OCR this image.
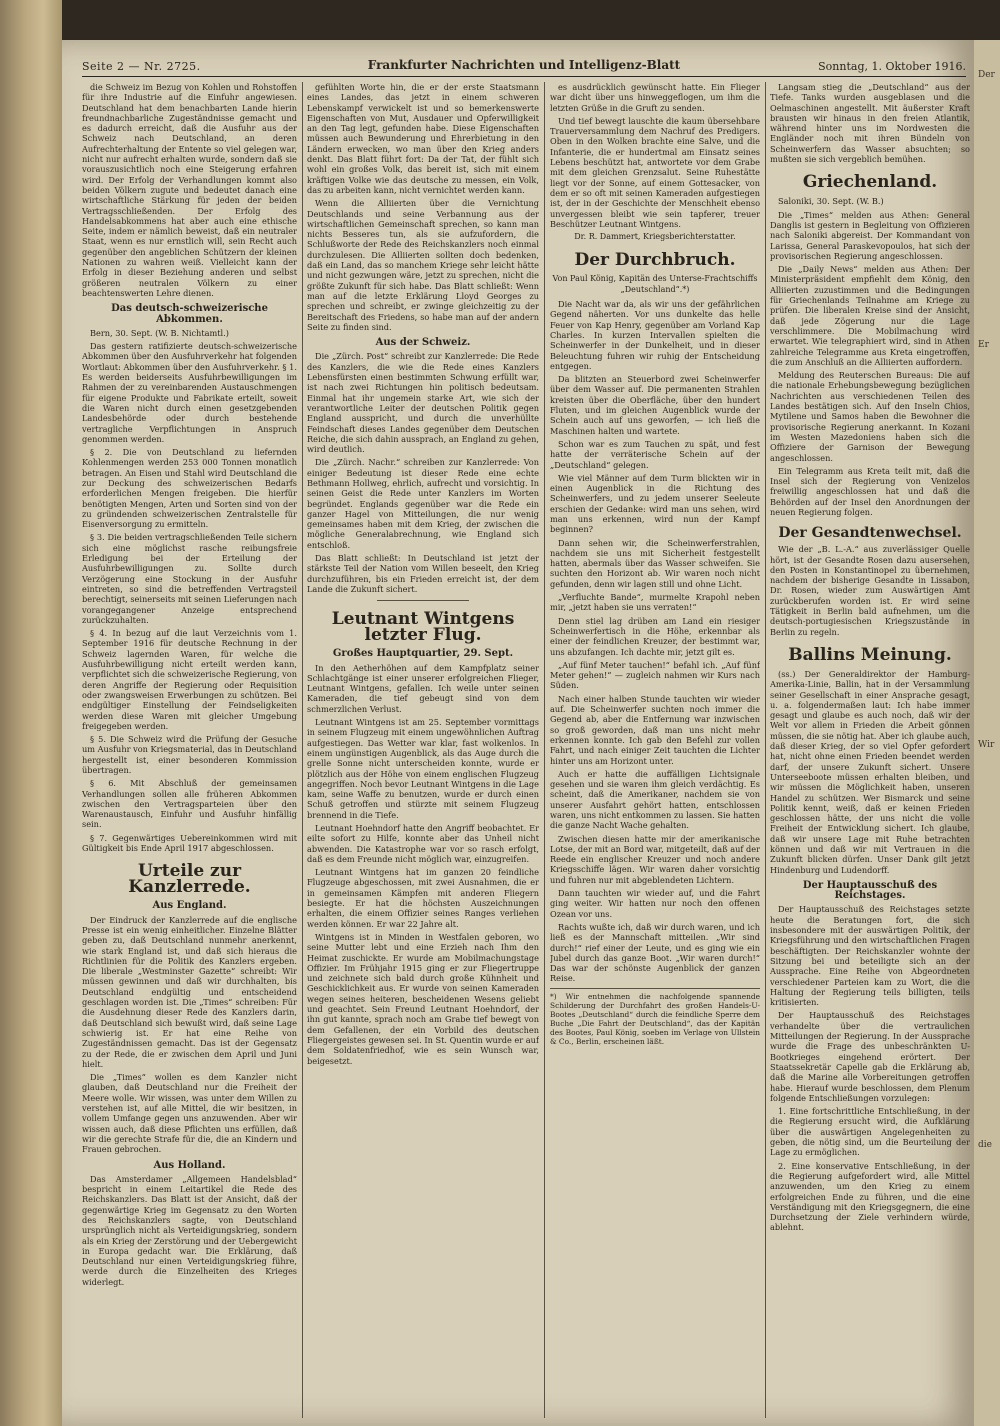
Seite 2 — Nr. 2725.	Frankfurter Nachrichten und Intelligenz-Blatt	Sonntag, 1. Oktober 1916.

die Schweiz im Bezug von Kohlen und Rohstoffen für ihre Industrie auf die Einfuhr angewiesen. Deutschland hat dem benachbarten Lande hierin freundnachbarliche Zugeständnisse gemacht und es dadurch erreicht, daß die Ausfuhr aus der Schweiz nach Deutschland, an deren Aufrechterhaltung der Entente so viel gelegen war, nicht nur aufrecht erhalten wurde, sondern daß sie vorauszusichtlich noch eine Steigerung erfahren wird. Der Erfolg der Verhandlungen kommt also beiden Völkern zugute und bedeutet danach eine wirtschaftliche Stärkung für jeden der beiden Vertragsschließenden. Der Erfolg des Handelsabkommens hat aber auch eine ethische Seite, indem er nämlich beweist, daß ein neutraler Staat, wenn es nur ernstlich will, sein Recht auch gegenüber den angeblichen Schützern der kleinen Nationen zu wahren weiß. Vielleicht kann der Erfolg in dieser Beziehung anderen und selbst größeren neutralen Völkern zu einer beachtenswerten Lehre dienen.

Das deutsch-schweizerische Abkommen.

Bern, 30. Sept. (W. B. Nichtamtl.)

Das gestern ratifizierte deutsch-schweizerische Abkommen über den Ausfuhrverkehr hat folgenden Wortlaut: Abkommen über den Ausfuhrverkehr. § 1. Es werden beiderseits Ausfuhrbewilligungen im Rahmen der zu vereinbarenden Austauschmengen für eigene Produkte und Fabrikate erteilt, soweit die Waren nicht durch einen gesetzgebenden Landesbehörde oder durch bestehende vertragliche Verpflichtungen in Anspruch genommen werden.

§ 2. Die von Deutschland zu liefernden Kohlenmengen werden 253 000 Tonnen monatlich betragen. An Eisen und Stahl wird Deutschland die zur Deckung des schweizerischen Bedarfs erforderlichen Mengen freigeben. Die hierfür benötigten Mengen, Arten und Sorten sind von der zu gründenden schweizerischen Zentralstelle für Eisenversorgung zu ermitteln.

§ 3. Die beiden vertragschließenden Teile sichern sich eine möglichst rasche reibungsfreie Erledigung bei der Erteilung der Ausfuhrbewilligungen zu. Sollte durch Verzögerung eine Stockung in der Ausfuhr eintreten, so sind die betreffenden Vertragsteil berechtigt, seinerseits mit seinen Lieferungen nach vorangegangener Anzeige entsprechend zurückzuhalten.

§ 4. In bezug auf die laut Verzeichnis vom 1. September 1916 für deutsche Rechnung in der Schweiz lagernden Waren, für welche die Ausfuhrbewilligung nicht erteilt werden kann, verpflichtet sich die schweizerische Regierung, von deren Angriffe der Regierung oder Requisition oder zwangsweisen Erwerbungen zu schützen. Bei endgültiger Einstellung der Feindseligkeiten werden diese Waren mit gleicher Umgebung freigegeben werden.

§ 5. Die Schweiz wird die Prüfung der Gesuche um Ausfuhr von Kriegsmaterial, das in Deutschland hergestellt ist, einer besonderen Kommission übertragen.

§ 6. Mit Abschluß der gemeinsamen Verhandlungen sollen alle früheren Abkommen zwischen den Vertragsparteien über den Warenaustausch, Einfuhr und Ausfuhr hinfällig sein.

§ 7. Gegenwärtiges Uebereinkommen wird mit Gültigkeit bis Ende April 1917 abgeschlossen.

Urteile zur Kanzlerrede.
Aus England.

Der Eindruck der Kanzlerrede auf die englische Presse ist ein wenig einheitlicher. Einzelne Blätter geben zu, daß Deutschland nunmehr anerkennt, wie stark England ist, und daß sich hieraus die Richtlinien für die Politik des Kanzlers ergeben. Die liberale „Westminster Gazette“ schreibt: Wir müssen gewinnen und daß wir durchhalten, bis Deutschland endgültig und entscheidend geschlagen worden ist. Die „Times“ schreiben: Für die Ausdehnung dieser Rede des Kanzlers darin, daß Deutschland sich bewußt wird, daß seine Lage schwierig ist. Er hat eine Reihe von Zugeständnissen gemacht. Das ist der Gegensatz zu der Rede, die er zwischen dem April und Juni hielt.

Die „Times“ wollen es dem Kanzler nicht glauben, daß Deutschland nur die Freiheit der Meere wolle. Wir wissen, was unter dem Willen zu verstehen ist, auf alle Mittel, die wir besitzen, in vollem Umfange gegen uns anzuwenden. Aber wir wissen auch, daß diese Pflichten uns erfüllen, daß wir die gerechte Strafe für die, die an Kindern und Frauen gebrochen.

Aus Holland.

Das Amsterdamer „Allgemeen Handelsblad“ bespricht in einem Leitartikel die Rede des Reichskanzlers. Das Blatt ist der Ansicht, daß der gegenwärtige Krieg im Gegensatz zu den Worten des Reichskanzlers sagte, von Deutschland ursprünglich nicht als Verteidigungskrieg, sondern als ein Krieg der Zerstörung und der Uebergewicht in Europa gedacht war. Die Erklärung, daß Deutschland nur einen Verteidigungskrieg führe, werde durch die Einzelheiten des Krieges widerlegt.

gefühlten Worte hin, die er der erste Staatsmann eines Landes, das jetzt in einem schweren Lebenskampf verwickelt ist und so bemerkenswerte Eigenschaften von Mut, Ausdauer und Opferwilligkeit an den Tag legt, gefunden habe. Diese Eigenschaften müssen auch Bewunderung und Ehrerbietung in den Ländern erwecken, wo man über den Krieg anders denkt. Das Blatt führt fort: Da der Tat, der fühlt sich wohl ein großes Volk, das bereit ist, sich mit einem kräftigen Volke wie das deutsche zu messen, ein Volk, das zu arbeiten kann, nicht vernichtet werden kann.

Wenn die Alliierten über die Vernichtung Deutschlands und seine Verbannung aus der wirtschaftlichen Gemeinschaft sprechen, so kann man nichts Besseres tun, als sie aufzufordern, die Schlußworte der Rede des Reichskanzlers noch einmal durchzulesen. Die Alliierten sollten doch bedenken, daß ein Land, das so manchem Kriege sehr leicht hätte und nicht gezwungen wäre, jetzt zu sprechen, nicht die größte Zukunft für sich habe. Das Blatt schließt: Wenn man auf die letzte Erklärung Lloyd Georges zu sprechen und schreibt, er zwinge gleichzeitig zu der Bereitschaft des Friedens, so habe man auf der andern Seite zu finden sind.

Aus der Schweiz.

Die „Zürch. Post“ schreibt zur Kanzlerrede: Die Rede des Kanzlers, die wie die Rede eines Kanzlers Lebensfürsten einen bestimmten Schwung erfüllt war, ist nach zwei Richtungen hin politisch bedeutsam. Einmal hat ihr ungemein starke Art, wie sich der verantwortliche Leiter der deutschen Politik gegen England ausspricht, und durch die unverhüllte Feindschaft dieses Landes gegenüber dem Deutschen Reiche, die sich dahin aussprach, an England zu gehen, wird deutlich.

Die „Zürch. Nachr.“ schreiben zur Kanzlerrede: Von einiger Bedeutung ist dieser Rede eine echte Bethmann Hollweg, ehrlich, aufrecht und vorsichtig. In seinen Geist die Rede unter Kanzlers im Worten begründet. Englands gegenüber war die Rede ein ganzer Hagel von Mitteilungen, die nur wenig gemeinsames haben mit dem Krieg, der zwischen die mögliche Generalabrechnung, wie England sich entschloß.

Das Blatt schließt: In Deutschland ist jetzt der stärkste Teil der Nation vom Willen beseelt, den Krieg durchzuführen, bis ein Frieden erreicht ist, der dem Lande die Zukunft sichert.

Leutnant Wintgens letzter Flug.
Großes Hauptquartier, 29. Sept.

In den Aetherhöhen auf dem Kampfplatz seiner Schlachtgänge ist einer unserer erfolgreichen Flieger, Leutnant Wintgens, gefallen. Ich weile unter seinen Kameraden, die tief gebeugt sind von dem schmerzlichen Verlust.

Leutnant Wintgens ist am 25. September vormittags in seinem Flugzeug mit einem ungewöhnlichen Auftrag aufgestiegen. Das Wetter war klar, fast wolkenlos. In einem ungünstigen Augenblick, als das Auge durch die grelle Sonne nicht unterscheiden konnte, wurde er plötzlich aus der Höhe von einem englischen Flugzeug angegriffen. Noch bevor Leutnant Wintgens in die Lage kam, seine Waffe zu benutzen, wurde er durch einen Schuß getroffen und stürzte mit seinem Flugzeug brennend in die Tiefe.

Leutnant Hoehndorf hatte den Angriff beobachtet. Er eilte sofort zu Hilfe, konnte aber das Unheil nicht abwenden. Die Katastrophe war vor so rasch erfolgt, daß es dem Freunde nicht möglich war, einzugreifen.

Leutnant Wintgens hat im ganzen 20 feindliche Flugzeuge abgeschossen, mit zwei Ausnahmen, die er in gemeinsamen Kämpfen mit anderen Fliegern besiegte. Er hat die höchsten Auszeichnungen erhalten, die einem Offizier seines Ranges verliehen werden können. Er war 22 Jahre alt.

Wintgens ist in Minden in Westfalen geboren, wo seine Mutter lebt und eine Erzieh nach Ihm den Heimat zuschickte. Er wurde am Mobilmachungstage Offizier. Im Frühjahr 1915 ging er zur Fliegertruppe und zeichnete sich bald durch große Kühnheit und Geschicklichkeit aus. Er wurde von seinen Kameraden wegen seines heiteren, bescheidenen Wesens geliebt und geachtet. Sein Freund Leutnant Hoehndorf, der ihn gut kannte, sprach noch am Grabe tief bewegt von dem Gefallenen, der ein Vorbild des deutschen Fliegergeistes gewesen sei. In St. Quentin wurde er auf dem Soldatenfriedhof, wie es sein Wunsch war, beigesetzt.

es ausdrücklich gewünscht hatte. Ein Flieger war dicht über uns hinweggeflogen, um ihm die letzten Grüße in die Gruft zu senden.

Und tief bewegt lauschte die kaum übersehbare Trauerversammlung dem Nachruf des Predigers. Oben in den Wolken brachte eine Salve, und die Infanterie, die er hundertmal am Einsatz seines Lebens beschützt hat, antwortete vor dem Grabe mit dem gleichen Grenzsalut. Seine Ruhestätte liegt vor der Sonne, auf einem Gottesacker, von dem er so oft mit seinen Kameraden aufgestiegen ist, der in der Geschichte der Menschheit ebenso unvergessen bleibt wie sein tapferer, treuer Beschützer Leutnant Wintgens.

Dr. R. Dammert, Kriegsberichterstatter.
Der Durchbruch.
Von Paul König, Kapitän des Unterse-Frachtschiffs „Deutschland“.*)

Die Nacht war da, als wir uns der gefährlichen Gegend näherten. Vor uns dunkelte das helle Feuer von Kap Henry, gegenüber am Vorland Kap Charles. In kurzen Intervallen spielten die Scheinwerfer in der Dunkelheit, und in dieser Beleuchtung fuhren wir ruhig der Entscheidung entgegen.

Da blitzten an Steuerbord zwei Scheinwerfer über dem Wasser auf. Die permanenten Strahlen kreisten über die Oberfläche, über den hundert Fluten, und im gleichen Augenblick wurde der Schein auch auf uns geworfen, — ich ließ die Maschinen halten und wartete.

Schon war es zum Tauchen zu spät, und fest hatte der verräterische Schein auf der „Deutschland“ gelegen.

Wie viel Männer auf dem Turm blickten wir in einen Augenblick in die Richtung des Scheinwerfers, und zu jedem unserer Seeleute erschien der Gedanke: wird man uns sehen, wird man uns erkennen, wird nun der Kampf beginnen?

Dann sehen wir, die Scheinwerferstrahlen, nachdem sie uns mit Sicherheit festgestellt hatten, abermals über das Wasser schweifen. Sie suchten den Horizont ab. Wir waren noch nicht gefunden, denn wir lagen still und ohne Licht.

„Verfluchte Bande“, murmelte Krapohl neben mir, „jetzt haben sie uns verraten!“

Denn stiel lag drüben am Land ein riesiger Scheinwerfertisch in die Höhe, erkennbar als einer der feindlichen Kreuzer, der bestimmt war, uns abzufangen. Ich dachte mir, jetzt gilt es.

„Auf fünf Meter tauchen!“ befahl ich. „Auf fünf Meter gehen!“ — zugleich nahmen wir Kurs nach Süden.

Nach einer halben Stunde tauchten wir wieder auf. Die Scheinwerfer suchten noch immer die Gegend ab, aber die Entfernung war inzwischen so groß geworden, daß man uns nicht mehr erkennen konnte. Ich gab den Befehl zur vollen Fahrt, und nach einiger Zeit tauchten die Lichter hinter uns am Horizont unter.

Auch er hatte die auffälligen Lichtsignale gesehen und sie waren ihm gleich verdächtig. Es scheint, daß die Amerikaner, nachdem sie von unserer Ausfahrt gehört hatten, entschlossen waren, uns nicht entkommen zu lassen. Sie hatten die ganze Nacht Wache gehalten.

Zwischen diesen hatte mir der amerikanische Lotse, der mit an Bord war, mitgeteilt, daß auf der Reede ein englischer Kreuzer und noch andere Kriegsschiffe lägen. Wir waren daher vorsichtig und fuhren nur mit abgeblendeten Lichtern.

Dann tauchten wir wieder auf, und die Fahrt ging weiter. Wir hatten nur noch den offenen Ozean vor uns.

Rachts wußte ich, daß wir durch waren, und ich ließ es der Mannschaft mitteilen. „Wir sind durch!“ rief einer der Leute, und es ging wie ein Jubel durch das ganze Boot. „Wir waren durch!“ Das war der schönste Augenblick der ganzen Reise.

*) Wir entnehmen die nachfolgende spannende Schilderung der Durchfahrt des großen Handels-U-Bootes „Deutschland“ durch die feindliche Sperre dem Buche „Die Fahrt der Deutschland“, das der Kapitän des Bootes, Paul König, soeben im Verlage von Ullstein & Co., Berlin, erscheinen läßt.

Langsam stieg die „Deutschland“ aus der Tiefe. Tanks wurden ausgeblasen und die Oelmaschinen angestellt. Mit äußerster Kraft brausten wir hinaus in den freien Atlantik, während hinter uns im Nordwesten die Engländer noch mit ihren Bündeln von Scheinwerfern das Wasser absuchten; so mußten sie sich vergeblich bemühen.

Griechenland.

Saloniki, 30. Sept. (W. B.)

Die „Times“ melden aus Athen: General Danglis ist gestern in Begleitung von Offizieren nach Saloniki abgereist. Der Kommandant von Larissa, General Paraskevopoulos, hat sich der provisorischen Regierung angeschlossen.

Die „Daily News“ melden aus Athen: Der Ministerpräsident empfiehlt dem König, den Alliierten zuzustimmen und die Bedingungen für Griechenlands Teilnahme am Kriege zu prüfen. Die liberalen Kreise sind der Ansicht, daß jede Zögerung nur die Lage verschlimmere. Die Mobilmachung wird erwartet. Wie telegraphiert wird, sind in Athen zahlreiche Telegramme aus Kreta eingetroffen, die zum Anschluß an die Alliierten auffordern.

Meldung des Reuterschen Bureaus: Die auf die nationale Erhebungsbewegung bezüglichen Nachrichten aus verschiedenen Teilen des Landes bestätigen sich. Auf den Inseln Chios, Mytilene und Samos haben die Bewohner die provisorische Regierung anerkannt. In Kozani im Westen Mazedoniens haben sich die Offiziere der Garnison der Bewegung angeschlossen.

Ein Telegramm aus Kreta teilt mit, daß die Insel sich der Regierung von Venizelos freiwillig angeschlossen hat und daß die Behörden auf der Insel den Anordnungen der neuen Regierung folgen.

Der Gesandtenwechsel.

Wie der „B. L.-A.“ aus zuverlässiger Quelle hört, ist der Gesandte Rosen dazu ausersehen, den Posten in Konstantinopel zu übernehmen, nachdem der bisherige Gesandte in Lissabon, Dr. Rosen, wieder zum Auswärtigen Amt zurückberufen worden ist. Er wird seine Tätigkeit in Berlin bald aufnehmen, um die deutsch-portugiesischen Kriegszustände in Berlin zu regeln.

Ballins Meinung.

(ss.) Der Generaldirektor der Hamburg-Amerika-Linie, Ballin, hat in der Versammlung seiner Gesellschaft in einer Ansprache gesagt, u. a. folgendermaßen laut: Ich habe immer gesagt und glaube es auch noch, daß wir der Welt vor allem in Frieden die Arbeit gönnen müssen, die sie nötig hat. Aber ich glaube auch, daß dieser Krieg, der so viel Opfer gefordert hat, nicht ohne einen Frieden beendet werden darf, der unsere Zukunft sichert. Unsere Unterseeboote müssen erhalten bleiben, und wir müssen die Möglichkeit haben, unseren Handel zu schützen. Wer Bismarck und seine Politik kennt, weiß, daß er keinen Frieden geschlossen hätte, der uns nicht die volle Freiheit der Entwicklung sichert. Ich glaube, daß wir unsere Lage mit Ruhe betrachten können und daß wir mit Vertrauen in die Zukunft blicken dürfen. Unser Dank gilt jetzt Hindenburg und Ludendorff.

Der Hauptausschuß des Reichstages.

Der Hauptausschuß des Reichstages setzte heute die Beratungen fort, die sich insbesondere mit der auswärtigen Politik, der Kriegsführung und den wirtschaftlichen Fragen beschäftigten. Der Reichskanzler wohnte der Sitzung bei und beteiligte sich an der Aussprache. Eine Reihe von Abgeordneten verschiedener Parteien kam zu Wort, die die Haltung der Regierung teils billigten, teils kritisierten.

Der Hauptausschuß des Reichstages verhandelte über die vertraulichen Mitteilungen der Regierung. In der Aussprache wurde die Frage des unbeschränkten U-Bootkrieges eingehend erörtert. Der Staatssekretär Capelle gab die Erklärung ab, daß die Marine alle Vorbereitungen getroffen habe. Hierauf wurde beschlossen, dem Plenum folgende Entschließungen vorzulegen:

1. Eine fortschrittliche Entschließung, in der die Regierung ersucht wird, die Aufklärung über die auswärtigen Angelegenheiten zu geben, die nötig sind, um die Beurteilung der Lage zu ermöglichen.

2. Eine konservative Entschließung, in der die Regierung aufgefordert wird, alle Mittel anzuwenden, um den Krieg zu einem erfolgreichen Ende zu führen, und die eine Verständigung mit den Kriegsgegnern, die eine Durchsetzung der Ziele verhindern würde, ablehnt.

Der
Er
Wir
die
